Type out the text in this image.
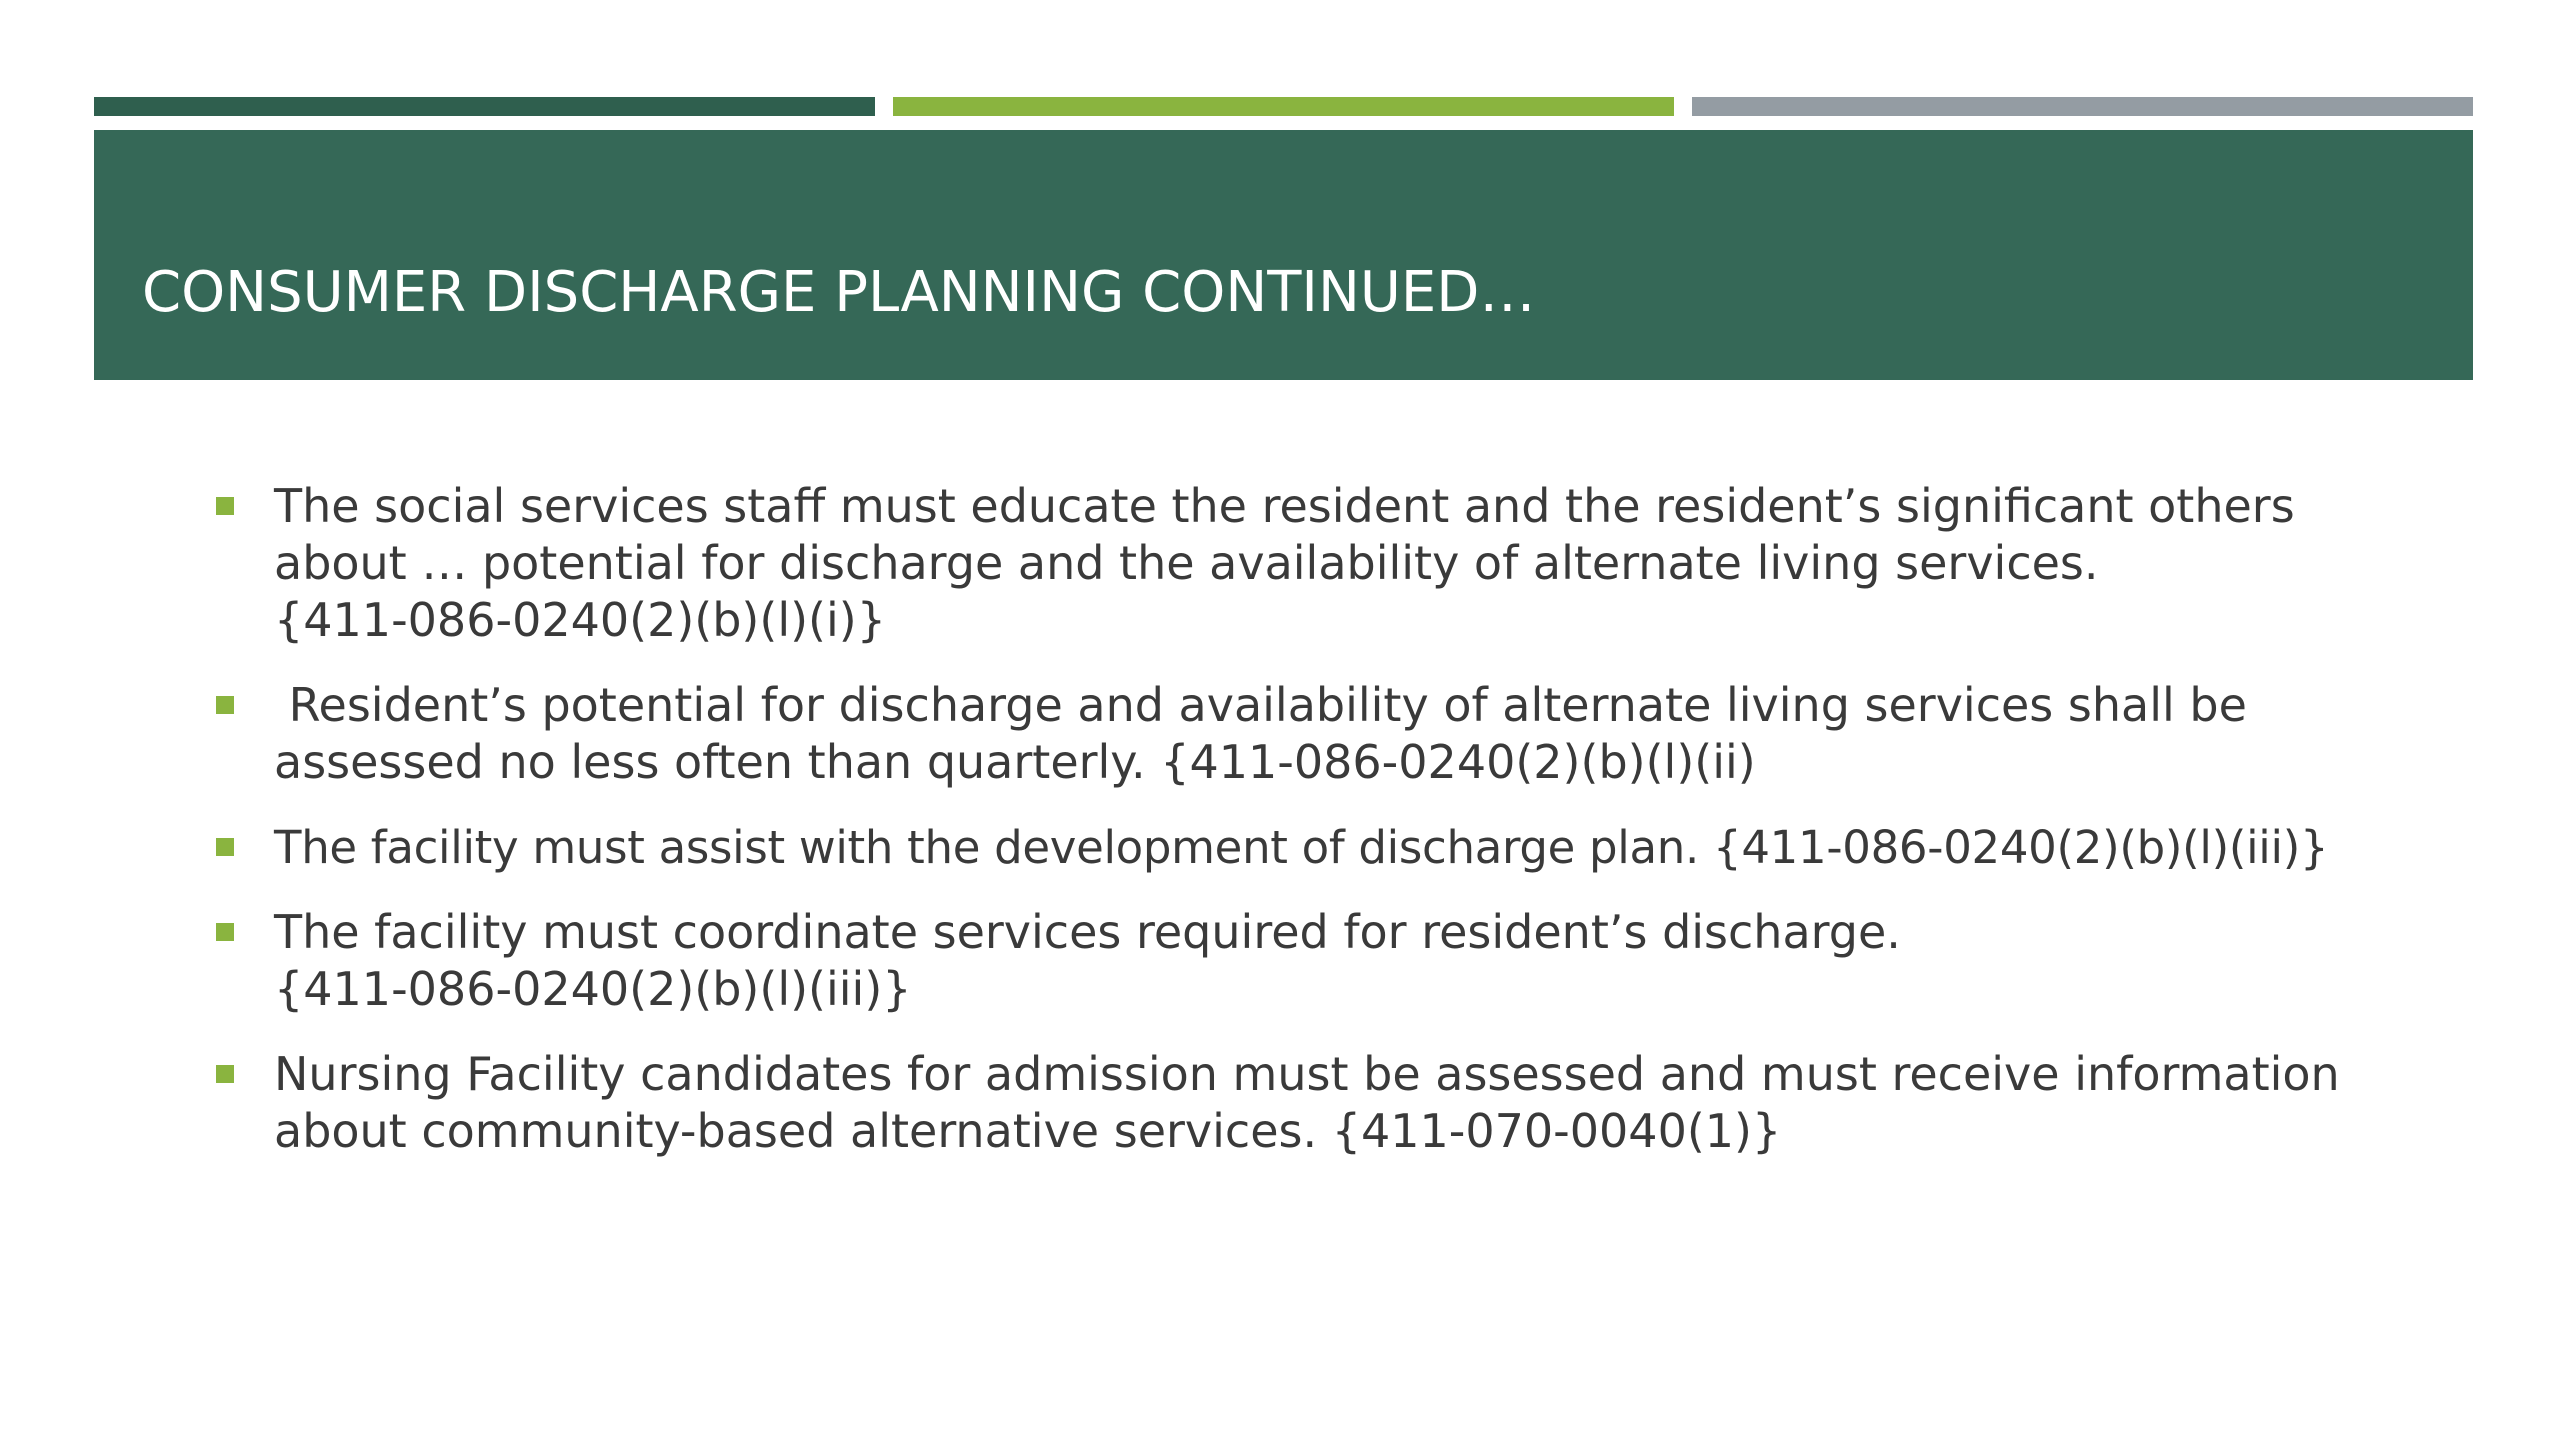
CONSUMER DISCHARGE PLANNING CONTINUED…
The social services staff must educate the resident and the resident’s significant others
about … potential for discharge and the availability of alternate living services.
{411-086-0240(2)(b)(l)(i)}
Resident’s potential for discharge and availability of alternate living services shall be
assessed no less often than quarterly. {411-086-0240(2)(b)(l)(ii)
The facility must assist with the development of discharge plan. {411-086-0240(2)(b)(l)(iii)}
The facility must coordinate services required for resident’s discharge.
{411-086-0240(2)(b)(l)(iii)}
Nursing Facility candidates for admission must be assessed and must receive information
about community-based alternative services. {411-070-0040(1)}
